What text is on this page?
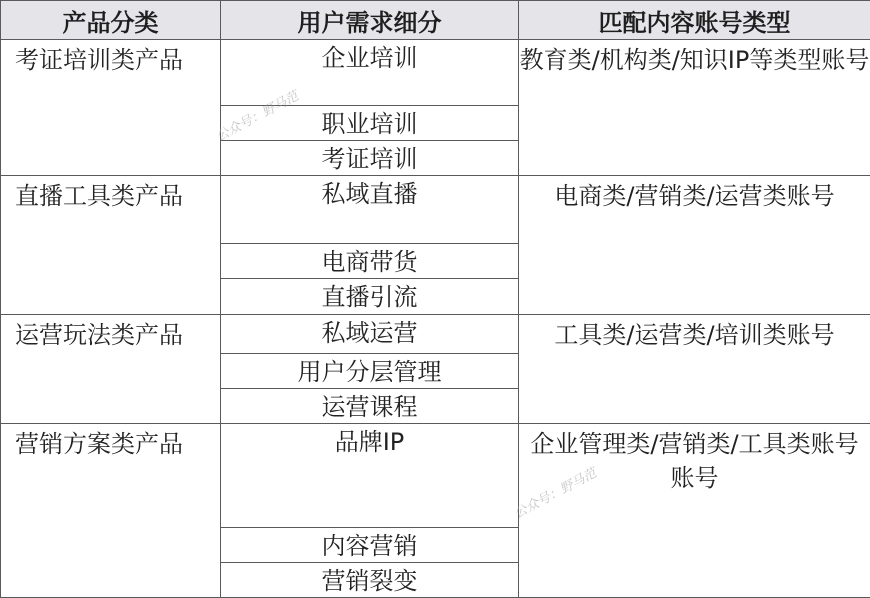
产品分类	用户需求细分	匹配内容账号类型
考证培训类产品	企业培训	教育类/机构类/知识IP等类型账号
	职业培训	
	考证培训	
直播工具类产品	私域直播	电商类/营销类/运营类账号
	电商带货	
	直播引流	
运营玩法类产品	私域运营	工具类/运营类/培训类账号
	用户分层管理	
	运营课程	
营销方案类产品	品牌IP	企业管理类/营销类/工具类账号账号
	内容营销	
	营销裂变	
公众号：野马范
公众号：野马范
